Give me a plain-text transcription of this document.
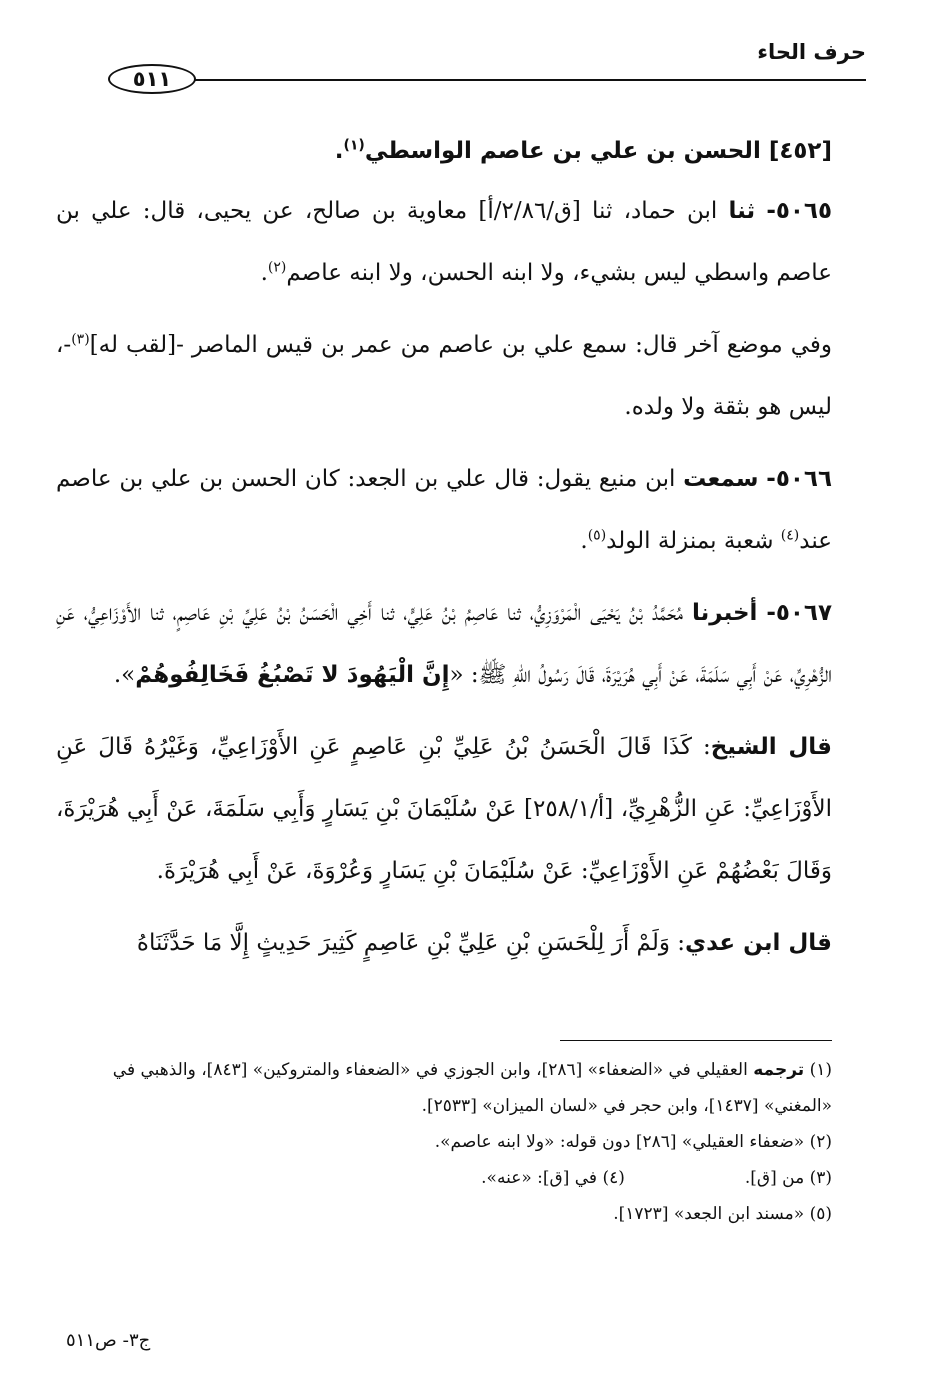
حرف الحاء
٥١١

[٤٥٢] الحسن بن علي بن عاصم الواسطي$^{(١)}$.

٥٠٦٥- ثنا ابن حماد، ثنا [ق/٢/٨٦/أ] معاوية بن صالح، عن يحيى، قال: علي بن عاصم واسطي ليس بشيء، ولا ابنه الحسن، ولا ابنه عاصم$^{(٢)}$.

وفي موضع آخر قال: سمع علي بن عاصم من عمر بن قيس الماصر -[لقب له]$^{(٣)}$-، ليس هو بثقة ولا ولده.

٥٠٦٦- سمعت ابن منيع يقول: قال علي بن الجعد: كان الحسن بن علي بن عاصم عند$^{(٤)}$ شعبة بمنزلة الولد$^{(٥)}$.

٥٠٦٧- أخبرنا مُحَمَّدُ بْنُ يَحْيَى الْمَرْوَزِيُّ، ثنا عَاصِمُ بْنُ عَلِيٍّ، ثنا أَخِي الْحَسَنُ بْنُ عَلِيِّ بْنِ عَاصِمٍ، ثنا الأَوْزَاعِيُّ، عَنِ الزُّهْرِيِّ، عَنْ أَبِي سَلَمَةَ، عَنْ أَبِي هُرَيْرَةَ، قَالَ رَسُولُ اللهِ ﷺ: «إِنَّ الْيَهُودَ لا تَصْبُغُ فَخَالِفُوهُمْ».

قال الشيخ: كَذَا قَالَ الْحَسَنُ بْنُ عَلِيِّ بْنِ عَاصِمٍ عَنِ الأَوْزَاعِيِّ، وَغَيْرُهُ قَالَ عَنِ الأَوْزَاعِيِّ: عَنِ الزُّهْرِيِّ، [أ/٢٥٨/١] عَنْ سُلَيْمَانَ بْنِ يَسَارٍ وَأَبِي سَلَمَةَ، عَنْ أَبِي هُرَيْرَةَ، وَقَالَ بَعْضُهُمْ عَنِ الأَوْزَاعِيِّ: عَنْ سُلَيْمَانَ بْنِ يَسَارٍ وَعُرْوَةَ، عَنْ أَبِي هُرَيْرَةَ.

قال ابن عدي: وَلَمْ أَرَ لِلْحَسَنِ بْنِ عَلِيِّ بْنِ عَاصِمٍ كَثِيرَ حَدِيثٍ إِلَّا مَا حَدَّثَنَاهُ

(١) ترجمه العقيلي في «الضعفاء» [٢٨٦]، وابن الجوزي في «الضعفاء والمتروكين» [٨٤٣]، والذهبي في «المغني» [١٤٣٧]، وابن حجر في «لسان الميزان» [٢٥٣٣].

(٢) «ضعفاء العقيلي» [٢٨٦] دون قوله: «ولا ابنه عاصم».

(٣) من [ق].
(٤) في [ق]: «عنه».

(٥) «مسند ابن الجعد» [١٧٢٣].

ج٣- ص٥١١
